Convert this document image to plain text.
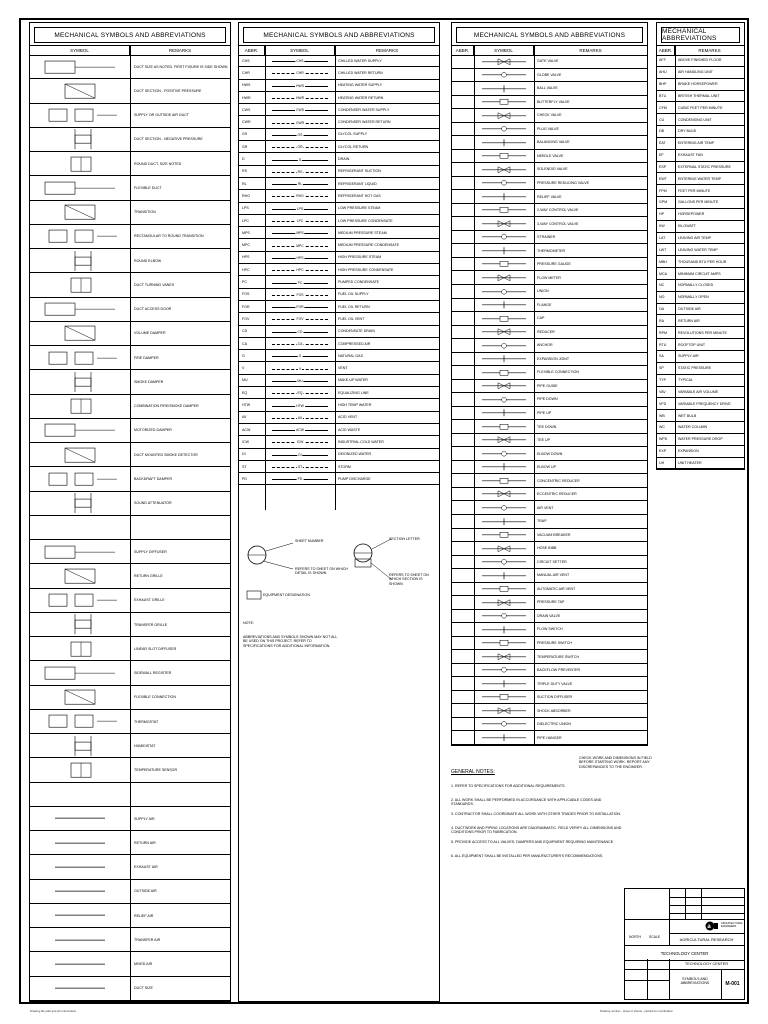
MECHANICAL SYMBOLS AND ABBREVIATIONS
SYMBOL	REMARKS
DUCT SIZE AS NOTED. FIRST FIGURE IS SIDE SHOWN
DUCT SECTION - POSITIVE PRESSURE
SUPPLY OR OUTSIDE AIR DUCT
DUCT SECTION - NEGATIVE PRESSURE
ROUND DUCT, SIZE NOTED
FLEXIBLE DUCT
TRANSITION
RECTANGULAR TO ROUND TRANSITION
ROUND ELBOW
DUCT TURNING VANES
DUCT ACCESS DOOR
VOLUME DAMPER
FIRE DAMPER
SMOKE DAMPER
COMBINATION FIRE/SMOKE DAMPER
MOTORIZED DAMPER
DUCT MOUNTED SMOKE DETECTOR
BACKDRAFT DAMPER
SOUND ATTENUATOR
SUPPLY DIFFUSER
RETURN GRILLE
EXHAUST GRILLE
TRANSFER GRILLE
LINEAR SLOT DIFFUSER
SIDEWALL REGISTER
FLEXIBLE CONNECTION
THERMOSTAT
HUMIDISTAT
TEMPERATURE SENSOR
SUPPLY AIR
RETURN AIR
EXHAUST AIR
OUTSIDE AIR
RELIEF AIR
TRANSFER AIR
MIXED AIR
DUCT SIZE
MECHANICAL SYMBOLS AND ABBREVIATIONS
ABBR.	SYMBOL	REMARKS
CHS	CHS	CHILLED WATER SUPPLY
CHR	CHR	CHILLED WATER RETURN
HWS	HWS	HEATING WATER SUPPLY
HWR	HWR	HEATING WATER RETURN
CWS	CWS	CONDENSER WATER SUPPLY
CWR	CWR	CONDENSER WATER RETURN
GS	GS	GLYCOL SUPPLY
GR	GR	GLYCOL RETURN
D	D	DRAIN
RS	RS	REFRIGERANT SUCTION
RL	RL	REFRIGERANT LIQUID
RHG	RHG	REFRIGERANT HOT GAS
LPS	LPS	LOW PRESSURE STEAM
LPC	LPC	LOW PRESSURE CONDENSATE
MPS	MPS	MEDIUM PRESSURE STEAM
MPC	MPC	MEDIUM PRESSURE CONDENSATE
HPS	HPS	HIGH PRESSURE STEAM
HPC	HPC	HIGH PRESSURE CONDENSATE
PC	PC	PUMPED CONDENSATE
FOS	FOS	FUEL OIL SUPPLY
FOR	FOR	FUEL OIL RETURN
FOV	FOV	FUEL OIL VENT
CD	CD	CONDENSATE DRAIN
CA	CA	COMPRESSED AIR
G	G	NATURAL GAS
V	V	VENT
MU	MU	MAKE-UP WATER
EQ	EQ	EQUALIZING LINE
HTW	HTW	HIGH TEMP WATER
AV	AV	ACID VENT
ACW	ACW	ACID WASTE
ICW	ICW	INDUSTRIAL COLD WATER
DI	DI	DEIONIZED WATER
ST	ST	STORM
PD	PD	PUMP DISCHARGE
SHEET NUMBER
REFERS TO SHEET ON WHICH DETAIL IS SHOWN
SECTION LETTER
REFERS TO SHEET ON WHICH SECTION IS SHOWN
EQUIPMENT DESIGNATION
NOTE:
ABBREVIATIONS AND SYMBOLS SHOWN MAY NOT ALL BE USED ON THIS PROJECT. REFER TO SPECIFICATIONS FOR ADDITIONAL INFORMATION.
MECHANICAL SYMBOLS AND ABBREVIATIONS
ABBR.	SYMBOL	REMARKS
GATE VALVE
GLOBE VALVE
BALL VALVE
BUTTERFLY VALVE
CHECK VALVE
PLUG VALVE
BALANCING VALVE
NEEDLE VALVE
SOLENOID VALVE
PRESSURE REDUCING VALVE
RELIEF VALVE
2-WAY CONTROL VALVE
3-WAY CONTROL VALVE
STRAINER
THERMOMETER
PRESSURE GAUGE
FLOW METER
UNION
FLANGE
CAP
REDUCER
ANCHOR
EXPANSION JOINT
FLEXIBLE CONNECTION
PIPE GUIDE
PIPE DOWN
PIPE UP
TEE DOWN
TEE UP
ELBOW DOWN
ELBOW UP
CONCENTRIC REDUCER
ECCENTRIC REDUCER
AIR VENT
TRAP
VACUUM BREAKER
HOSE BIBB
CIRCUIT SETTER
MANUAL AIR VENT
AUTOMATIC AIR VENT
PRESSURE TAP
DRAIN VALVE
FLOW SWITCH
PRESSURE SWITCH
TEMPERATURE SWITCH
BACKFLOW PREVENTER
TRIPLE DUTY VALVE
SUCTION DIFFUSER
SHOCK ABSORBER
DIELECTRIC UNION
PIPE HANGER
MECHANICAL ABBREVIATIONS
ABBR.	REMARKS
AFF	ABOVE FINISHED FLOOR
AHU	AIR HANDLING UNIT
BHP	BRAKE HORSEPOWER
BTU	BRITISH THERMAL UNIT
CFM	CUBIC FEET PER MINUTE
CU	CONDENSING UNIT
DB	DRY BULB
EAT	ENTERING AIR TEMP
EF	EXHAUST FAN
ESP	EXTERNAL STATIC PRESSURE
EWT	ENTERING WATER TEMP
FPM	FEET PER MINUTE
GPM	GALLONS PER MINUTE
HP	HORSEPOWER
KW	KILOWATT
LAT	LEAVING AIR TEMP
LWT	LEAVING WATER TEMP
MBH	THOUSAND BTU PER HOUR
MCA	MINIMUM CIRCUIT AMPS
NC	NORMALLY CLOSED
NO	NORMALLY OPEN
OA	OUTSIDE AIR
RA	RETURN AIR
RPM	REVOLUTIONS PER MINUTE
RTU	ROOFTOP UNIT
SA	SUPPLY AIR
SP	STATIC PRESSURE
TYP	TYPICAL
VAV	VARIABLE AIR VOLUME
VFD	VARIABLE FREQUENCY DRIVE
WB	WET BULB
WC	WATER COLUMN
WPD	WATER PRESSURE DROP
EXP	EXPANSION
UH	UNIT HEATER
GENERAL NOTES:
CHECK WORK AND DIMENSIONS IN FIELD BEFORE STARTING WORK. REPORT ANY DISCREPANCIES TO THE ENGINEER.
1. REFER TO SPECIFICATIONS FOR ADDITIONAL REQUIREMENTS.
2. ALL WORK SHALL BE PERFORMED IN ACCORDANCE WITH APPLICABLE CODES AND STANDARDS.
3. CONTRACTOR SHALL COORDINATE ALL WORK WITH OTHER TRADES PRIOR TO INSTALLATION.
4. DUCTWORK AND PIPING LOCATIONS ARE DIAGRAMMATIC. FIELD VERIFY ALL DIMENSIONS AND CONDITIONS PRIOR TO FABRICATION.
5. PROVIDE ACCESS TO ALL VALVES, DAMPERS AND EQUIPMENT REQUIRING MAINTENANCE.
6. ALL EQUIPMENT SHALL BE INSTALLED PER MANUFACTURER'S RECOMMENDATIONS.
NORTH SCALE
a
ARCHITECTURAL ENGINEERS
AGRICULTURAL RESEARCH
TECHNOLOGY CENTER
TECHNOLOGY CENTER
SYMBOLS AND
ABBREVIATIONS	M-001
Drawing file path and plot information	Drawing number - sheet of sheets - plotted for coordination
